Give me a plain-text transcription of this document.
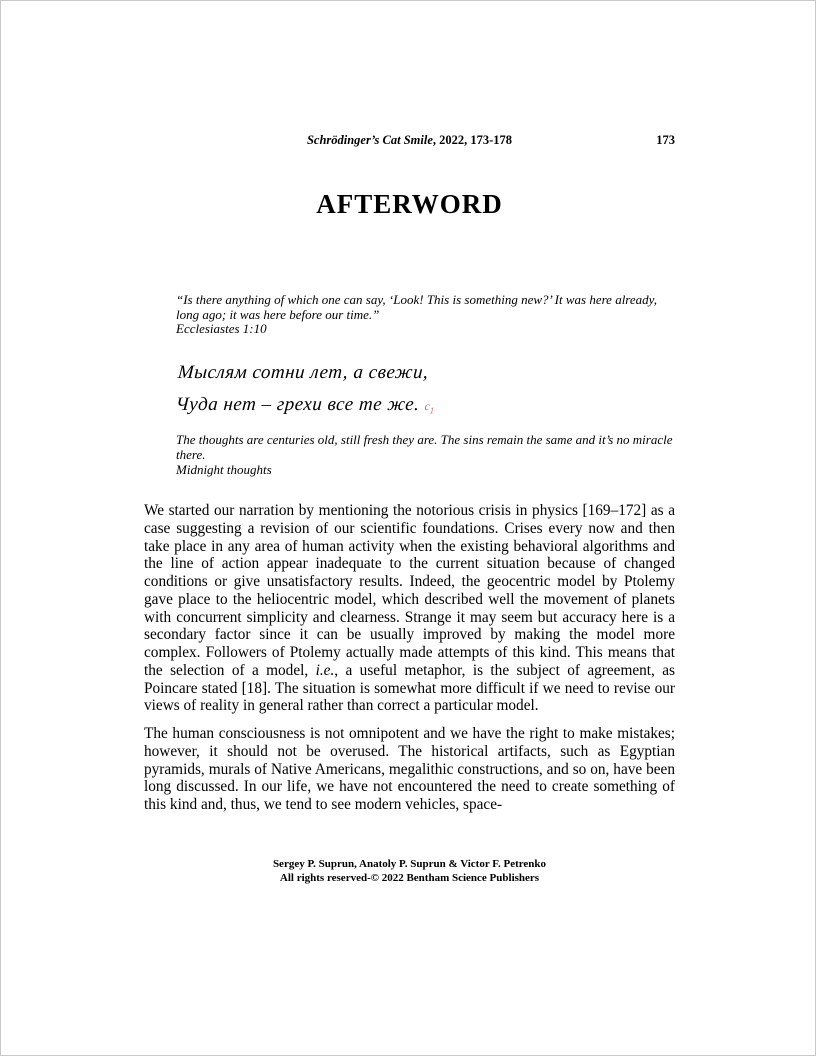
Schrödinger’s Cat Smile, 2022, 173-178	173
AFTERWORD
“Is there anything of which one can say, ‘Look! This is something new?’ It was here already, long ago; it was here before our time.”
Ecclesiastes 1:10
Мыслям сотни лет, а свежи,
Чуда нет – грехи все те же. $с_1$
The thoughts are centuries old, still fresh they are. The sins remain the same and it’s no miracle there.
Midnight thoughts

We started our narration by mentioning the notorious crisis in physics [169–172] as a case suggesting a revision of our scientific foundations. Crises every now and then take place in any area of human activity when the existing behavioral algorithms and the line of action appear inadequate to the current situation because of changed conditions or give unsatisfactory results. Indeed, the geocentric model by Ptolemy gave place to the heliocentric model, which described well the movement of planets with concurrent simplicity and clearness. Strange it may seem but accuracy here is a secondary factor since it can be usually improved by making the model more complex. Followers of Ptolemy actually made attempts of this kind. This means that the selection of a model, i.e., a useful metaphor, is the subject of agreement, as Poincare stated [18]. The situation is somewhat more difficult if we need to revise our views of reality in general rather than correct a particular model.

The human consciousness is not omnipotent and we have the right to make mistakes; however, it should not be overused. The historical artifacts, such as Egyptian pyramids, murals of Native Americans, megalithic constructions, and so on, have been long discussed. In our life, we have not encountered the need to create something of this kind and, thus, we tend to see modern vehicles, space-

Sergey P. Suprun, Anatoly P. Suprun & Victor F. Petrenko
All rights reserved-© 2022 Bentham Science Publishers
